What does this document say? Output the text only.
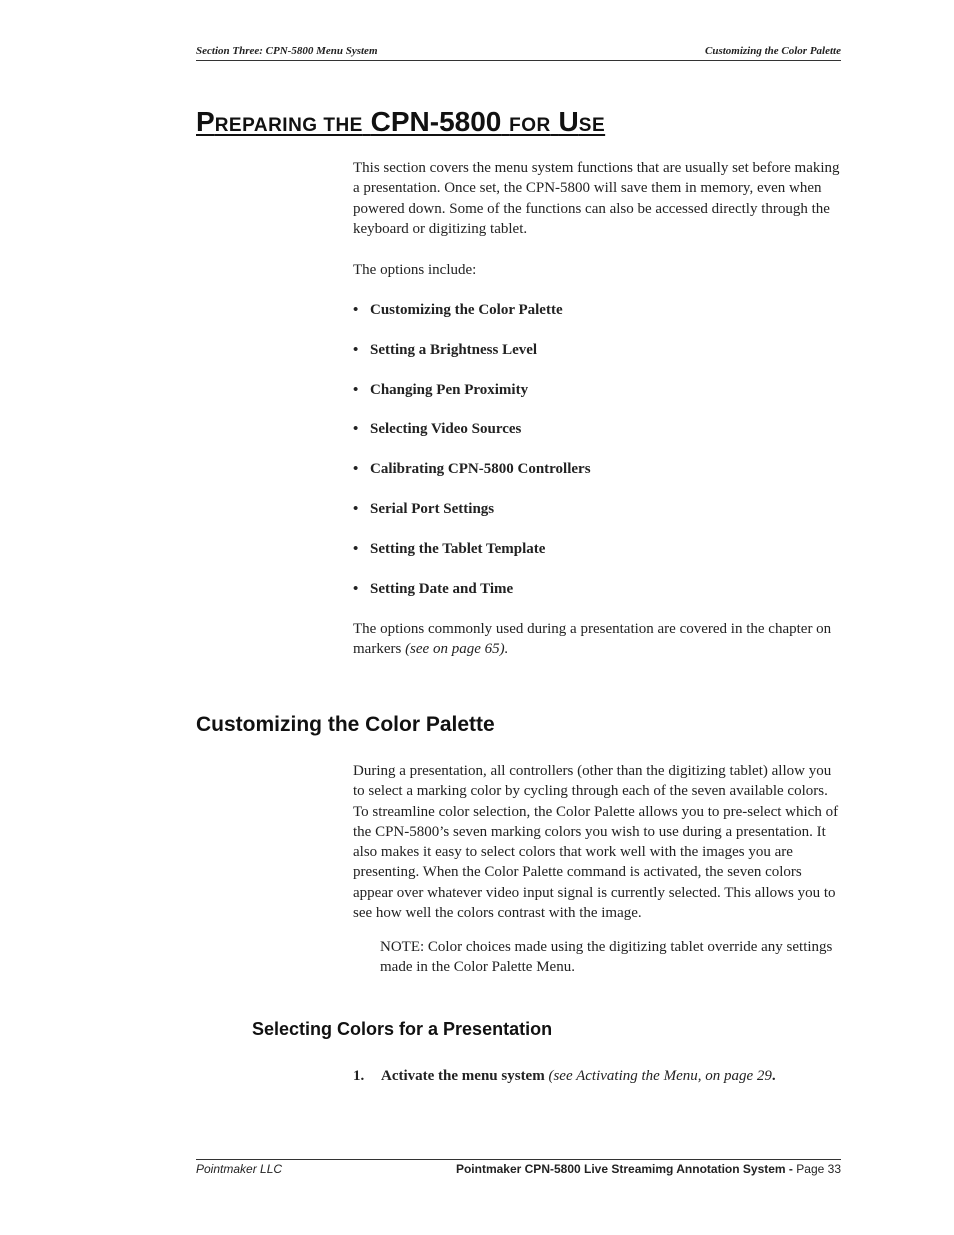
Section Three: CPN-5800 Menu System	Customizing the Color Palette
PREPARING THE CPN-5800 FOR USE

This section covers the menu system functions that are usually set before making a presentation. Once set, the CPN-5800 will save them in memory, even when powered down. Some of the functions can also be accessed directly through the keyboard or digitizing tablet.

The options include:

• Customizing the Color Palette
• Setting a Brightness Level
• Changing Pen Proximity
• Selecting Video Sources
• Calibrating CPN-5800 Controllers
• Serial Port Settings
• Setting the Tablet Template
• Setting Date and Time

The options commonly used during a presentation are covered in the chapter on markers (see on page 65).

Customizing the Color Palette

During a presentation, all controllers (other than the digitizing tablet) allow you to select a marking color by cycling through each of the seven available colors. To streamline color selection, the Color Palette allows you to pre-select which of the CPN-5800’s seven marking colors you wish to use during a presentation. It also makes it easy to select colors that work well with the images you are presenting. When the Color Palette command is activated, the seven colors appear over whatever video input signal is currently selected. This allows you to see how well the colors contrast with the image.

NOTE: Color choices made using the digitizing tablet override any settings made in the Color Palette Menu.

Selecting Colors for a Presentation

1. Activate the menu system (see Activating the Menu, on page 29.

Pointmaker LLC	Pointmaker CPN-5800 Live Streamimg Annotation System - Page 33
